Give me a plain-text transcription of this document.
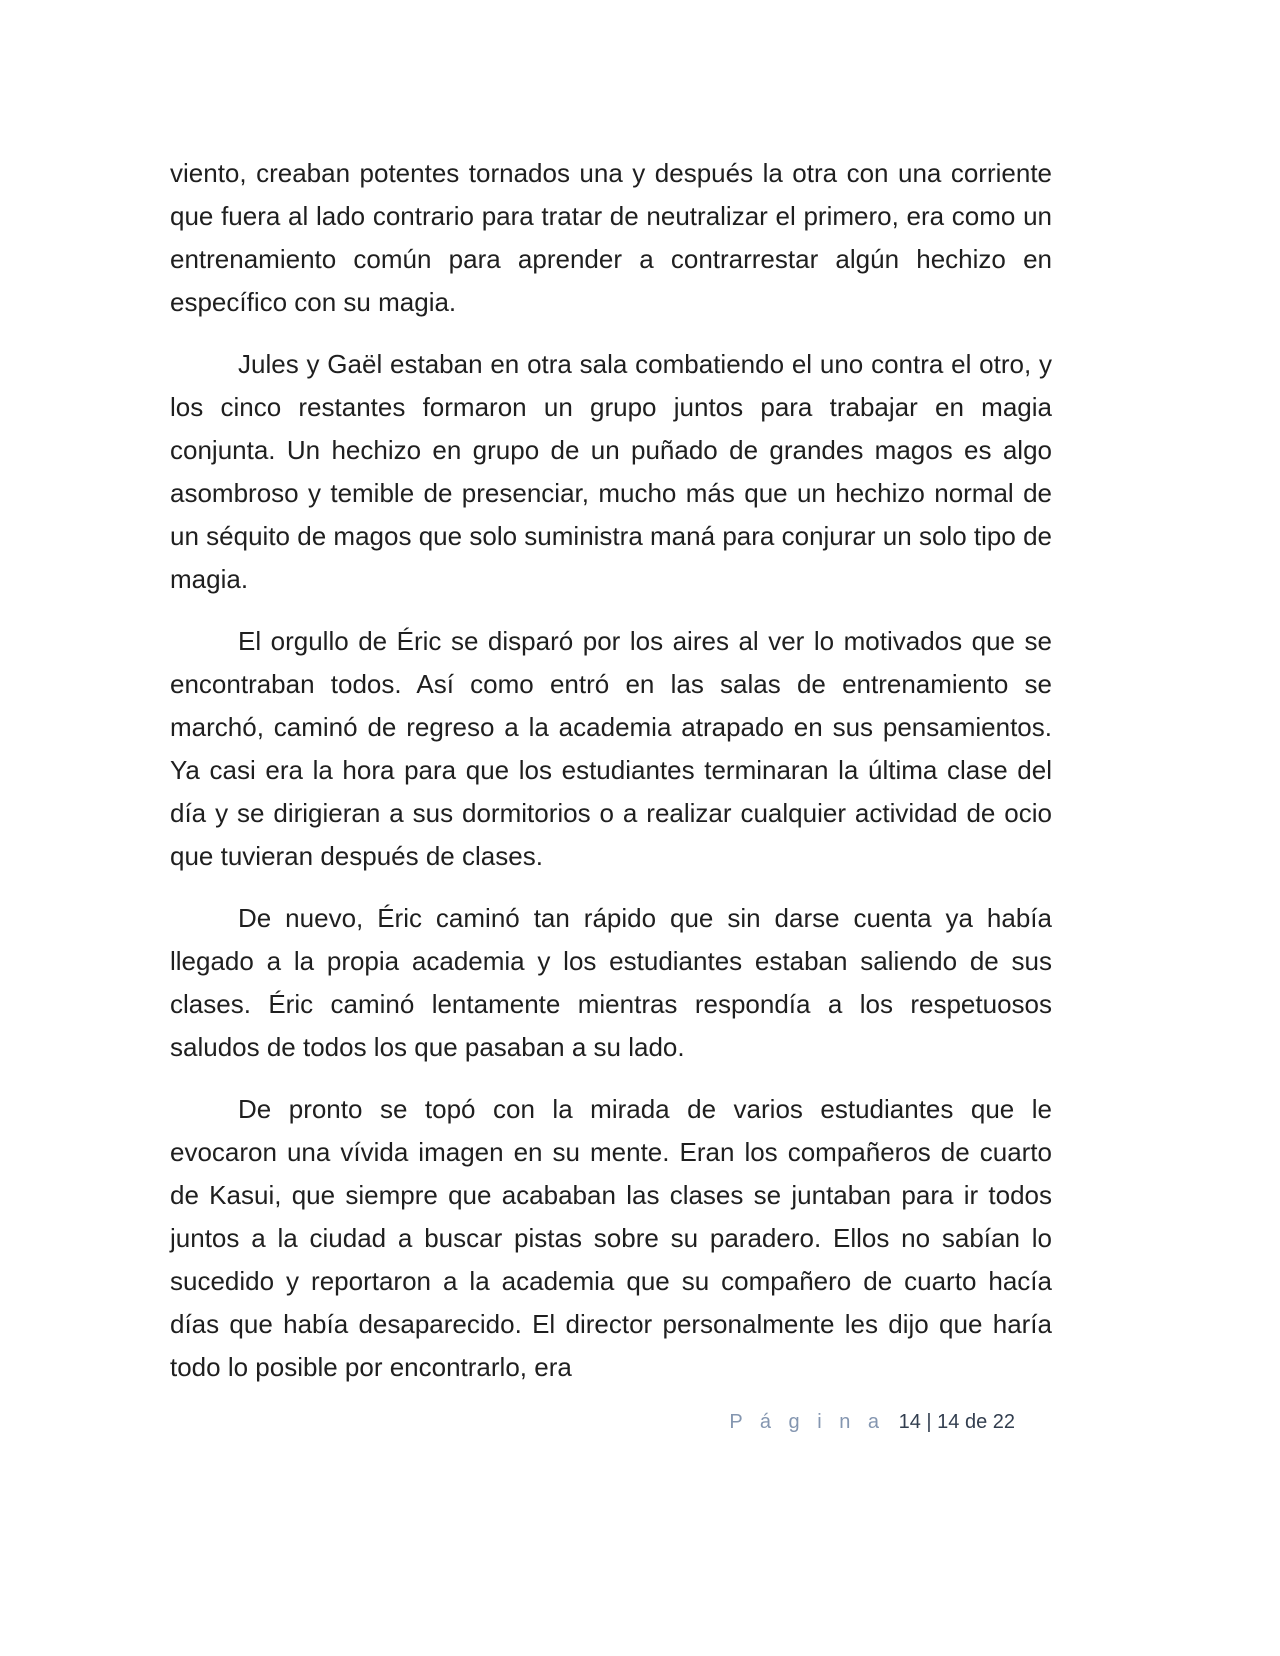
viento, creaban potentes tornados una y después la otra con una corriente que fuera al lado contrario para tratar de neutralizar el primero, era como un entrenamiento común para aprender a contrarrestar algún hechizo en específico con su magia.

Jules y Gaël estaban en otra sala combatiendo el uno contra el otro, y los cinco restantes formaron un grupo juntos para trabajar en magia conjunta. Un hechizo en grupo de un puñado de grandes magos es algo asombroso y temible de presenciar, mucho más que un hechizo normal de un séquito de magos que solo suministra maná para conjurar un solo tipo de magia.

El orgullo de Éric se disparó por los aires al ver lo motivados que se encontraban todos. Así como entró en las salas de entrenamiento se marchó, caminó de regreso a la academia atrapado en sus pensamientos. Ya casi era la hora para que los estudiantes terminaran la última clase del día y se dirigieran a sus dormitorios o a realizar cualquier actividad de ocio que tuvieran después de clases.

De nuevo, Éric caminó tan rápido que sin darse cuenta ya había llegado a la propia academia y los estudiantes estaban saliendo de sus clases. Éric caminó lentamente mientras respondía a los respetuosos saludos de todos los que pasaban a su lado.

De pronto se topó con la mirada de varios estudiantes que le evocaron una vívida imagen en su mente. Eran los compañeros de cuarto de Kasui, que siempre que acababan las clases se juntaban para ir todos juntos a la ciudad a buscar pistas sobre su paradero. Ellos no sabían lo sucedido y reportaron a la academia que su compañero de cuarto hacía días que había desaparecido. El director personalmente les dijo que haría todo lo posible por encontrarlo, era

P á g i n a 14 | 14 de 22
